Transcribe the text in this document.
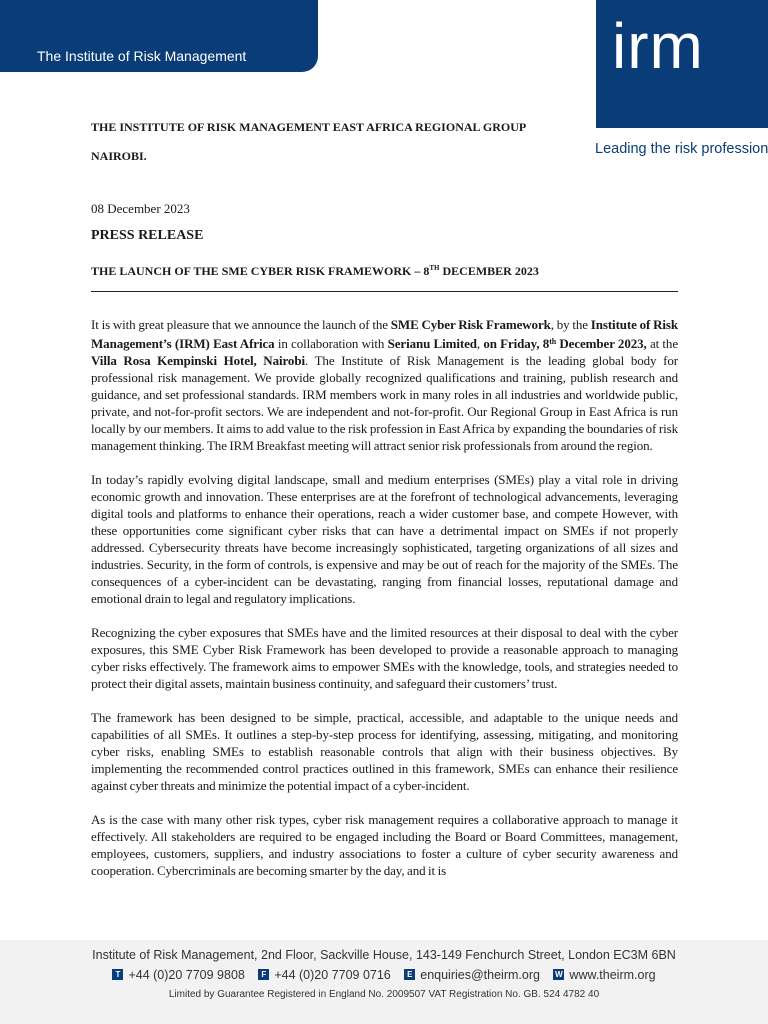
The Institute of Risk Management	irm
Leading the risk profession
THE INSTITUTE OF RISK MANAGEMENT EAST AFRICA REGIONAL GROUP
NAIROBI.
08 December 2023
PRESS RELEASE
THE LAUNCH OF THE SME CYBER RISK FRAMEWORK – 8TH DECEMBER 2023

It is with great pleasure that we announce the launch of the SME Cyber Risk Framework, by the Institute of Risk Management’s (IRM) East Africa in collaboration with Serianu Limited, on Friday, 8th December 2023, at the Villa Rosa Kempinski Hotel, Nairobi. The Institute of Risk Management is the leading global body for professional risk management. We provide globally recognized qualifications and training, publish research and guidance, and set professional standards. IRM members work in many roles in all industries and worldwide public, private, and not-for-profit sectors. We are independent and not-for-profit. Our Regional Group in East Africa is run locally by our members. It aims to add value to the risk profession in East Africa by expanding the boundaries of risk management thinking. The IRM Breakfast meeting will attract senior risk professionals from around the region.

In today’s rapidly evolving digital landscape, small and medium enterprises (SMEs) play a vital role in driving economic growth and innovation. These enterprises are at the forefront of technological advancements, leveraging digital tools and platforms to enhance their operations, reach a wider customer base, and compete However, with these opportunities come significant cyber risks that can have a detrimental impact on SMEs if not properly addressed. Cybersecurity threats have become increasingly sophisticated, targeting organizations of all sizes and industries. Security, in the form of controls, is expensive and may be out of reach for the majority of the SMEs. The consequences of a cyber-incident can be devastating, ranging from financial losses, reputational damage and emotional drain to legal and regulatory implications.

Recognizing the cyber exposures that SMEs have and the limited resources at their disposal to deal with the cyber exposures, this SME Cyber Risk Framework has been developed to provide a reasonable approach to managing cyber risks effectively. The framework aims to empower SMEs with the knowledge, tools, and strategies needed to protect their digital assets, maintain business continuity, and safeguard their customers’ trust.

The framework has been designed to be simple, practical, accessible, and adaptable to the unique needs and capabilities of all SMEs. It outlines a step-by-step process for identifying, assessing, mitigating, and monitoring cyber risks, enabling SMEs to establish reasonable controls that align with their business objectives. By implementing the recommended control practices outlined in this framework, SMEs can enhance their resilience against cyber threats and minimize the potential impact of a cyber-incident.

As is the case with many other risk types, cyber risk management requires a collaborative approach to manage it effectively. All stakeholders are required to be engaged including the Board or Board Committees, management, employees, customers, suppliers, and industry associations to foster a culture of cyber security awareness and cooperation. Cybercriminals are becoming smarter by the day, and it is

Institute of Risk Management, 2nd Floor, Sackville House, 143-149 Fenchurch Street, London EC3M 6BN
T +44 (0)20 7709 9808
	F +44 (0)20 7709 0716
	E enquiries@theirm.org
W www.theirm.org
Limited by Guarantee Registered in England No. 2009507 VAT Registration No. GB. 524 4782 40
